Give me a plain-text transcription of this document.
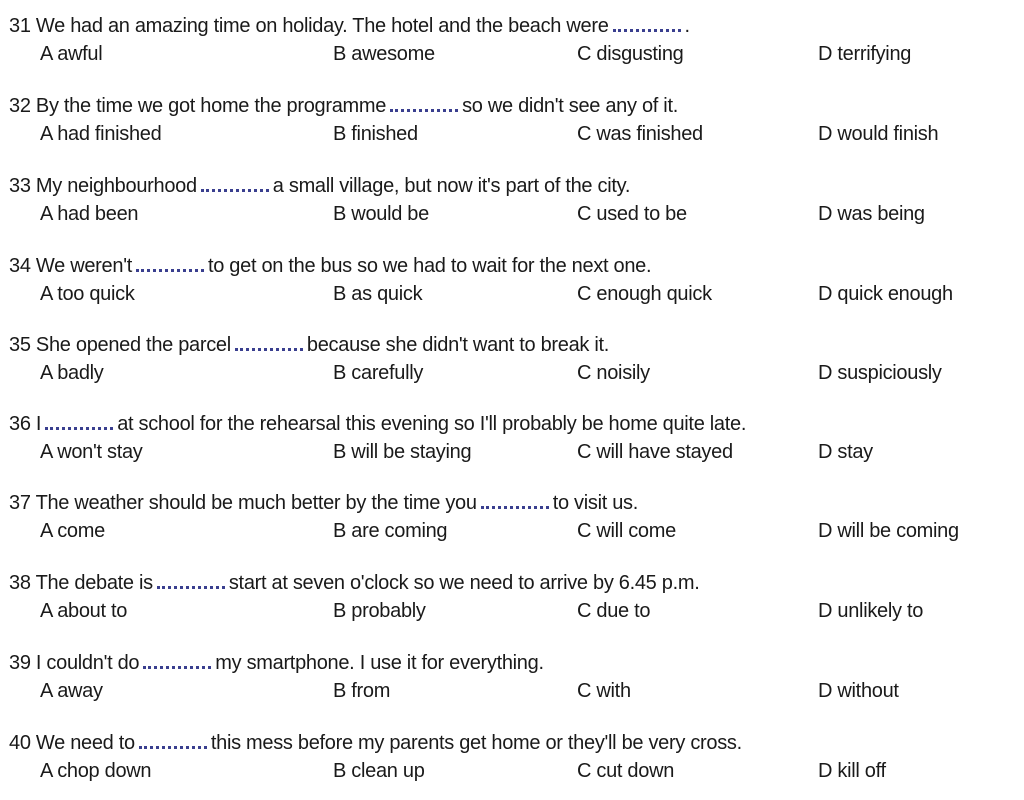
31 We had an amazing time on holiday. The hotel and the beach were	.
A awful	B awesome	C disgusting	D terrifying
32 By the time we got home the programme	so we didn't see any of it.
A had finished	B finished	C was finished	D would finish
33 My neighbourhood	a small village, but now it's part of the city.
A had been	B would be	C used to be	D was being
34 We weren't	to get on the bus so we had to wait for the next one.
A too quick	B as quick	C enough quick	D quick enough
35 She opened the parcel	because she didn't want to break it.
A badly	B carefully	C noisily	D suspiciously
36 I	at school for the rehearsal this evening so I'll probably be home quite late.
A won't stay	B will be staying	C will have stayed	D stay
37 The weather should be much better by the time you	to visit us.
A come	B are coming	C will come	D will be coming
38 The debate is	start at seven o'clock so we need to arrive by 6.45 p.m.
A about to	B probably	C due to	D unlikely to
39 I couldn't do	my smartphone. I use it for everything.
A away	B from	C with	D without
40 We need to	this mess before my parents get home or they'll be very cross.
A chop down	B clean up	C cut down	D kill off
